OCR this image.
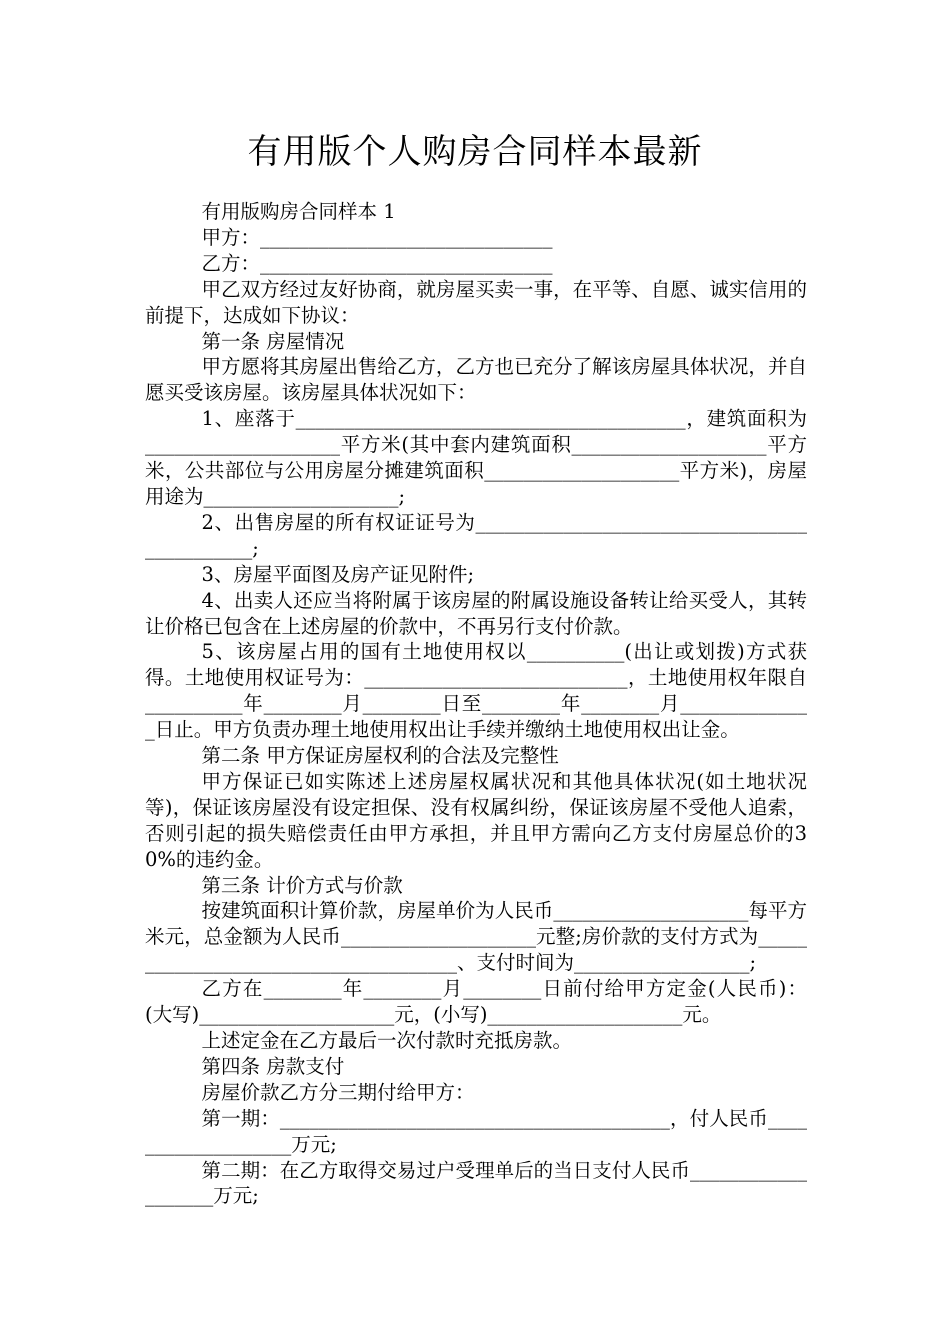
有用版个人购房合同样本最新

有用版购房合同样本 1

甲方：______________________________

乙方：______________________________

甲乙双方经过友好协商，就房屋买卖一事，在平等、自愿、诚实信用的前提下，达成如下协议：

第一条 房屋情况

甲方愿将其房屋出售给乙方，乙方也已充分了解该房屋具体状况，并自愿买受该房屋。该房屋具体状况如下：

1、座落于________________________________________，建筑面积为____________________平方米(其中套内建筑面积____________________平方米，公共部位与公用房屋分摊建筑面积____________________平方米)，房屋用途为____________________;

2、出售房屋的所有权证证号为_____________________________________________;

3、房屋平面图及房产证见附件;

4、出卖人还应当将附属于该房屋的附属设施设备转让给买受人，其转让价格已包含在上述房屋的价款中，不再另行支付价款。

5、该房屋占用的国有土地使用权以__________(出让或划拨)方式获得。土地使用权证号为：___________________________，土地使用权年限自__________年________月________日至________年________月______________日止。甲方负责办理土地使用权出让手续并缴纳土地使用权出让金。

第二条 甲方保证房屋权利的合法及完整性

甲方保证已如实陈述上述房屋权属状况和其他具体状况(如土地状况等)，保证该房屋没有设定担保、没有权属纠纷，保证该房屋不受他人追索，否则引起的损失赔偿责任由甲方承担，并且甲方需向乙方支付房屋总价的30%的违约金。

第三条 计价方式与价款

按建筑面积计算价款，房屋单价为人民币____________________每平方米元，总金额为人民币____________________元整;房价款的支付方式为_____________________________________、支付时间为__________________;

乙方在________年________月________日前付给甲方定金(人民币)：(大写)____________________元，(小写)____________________元。

上述定金在乙方最后一次付款时充抵房款。

第四条 房款支付

房屋价款乙方分三期付给甲方：

第一期：________________________________________，付人民币___________________万元;

第二期：在乙方取得交易过户受理单后的当日支付人民币___________________万元;
